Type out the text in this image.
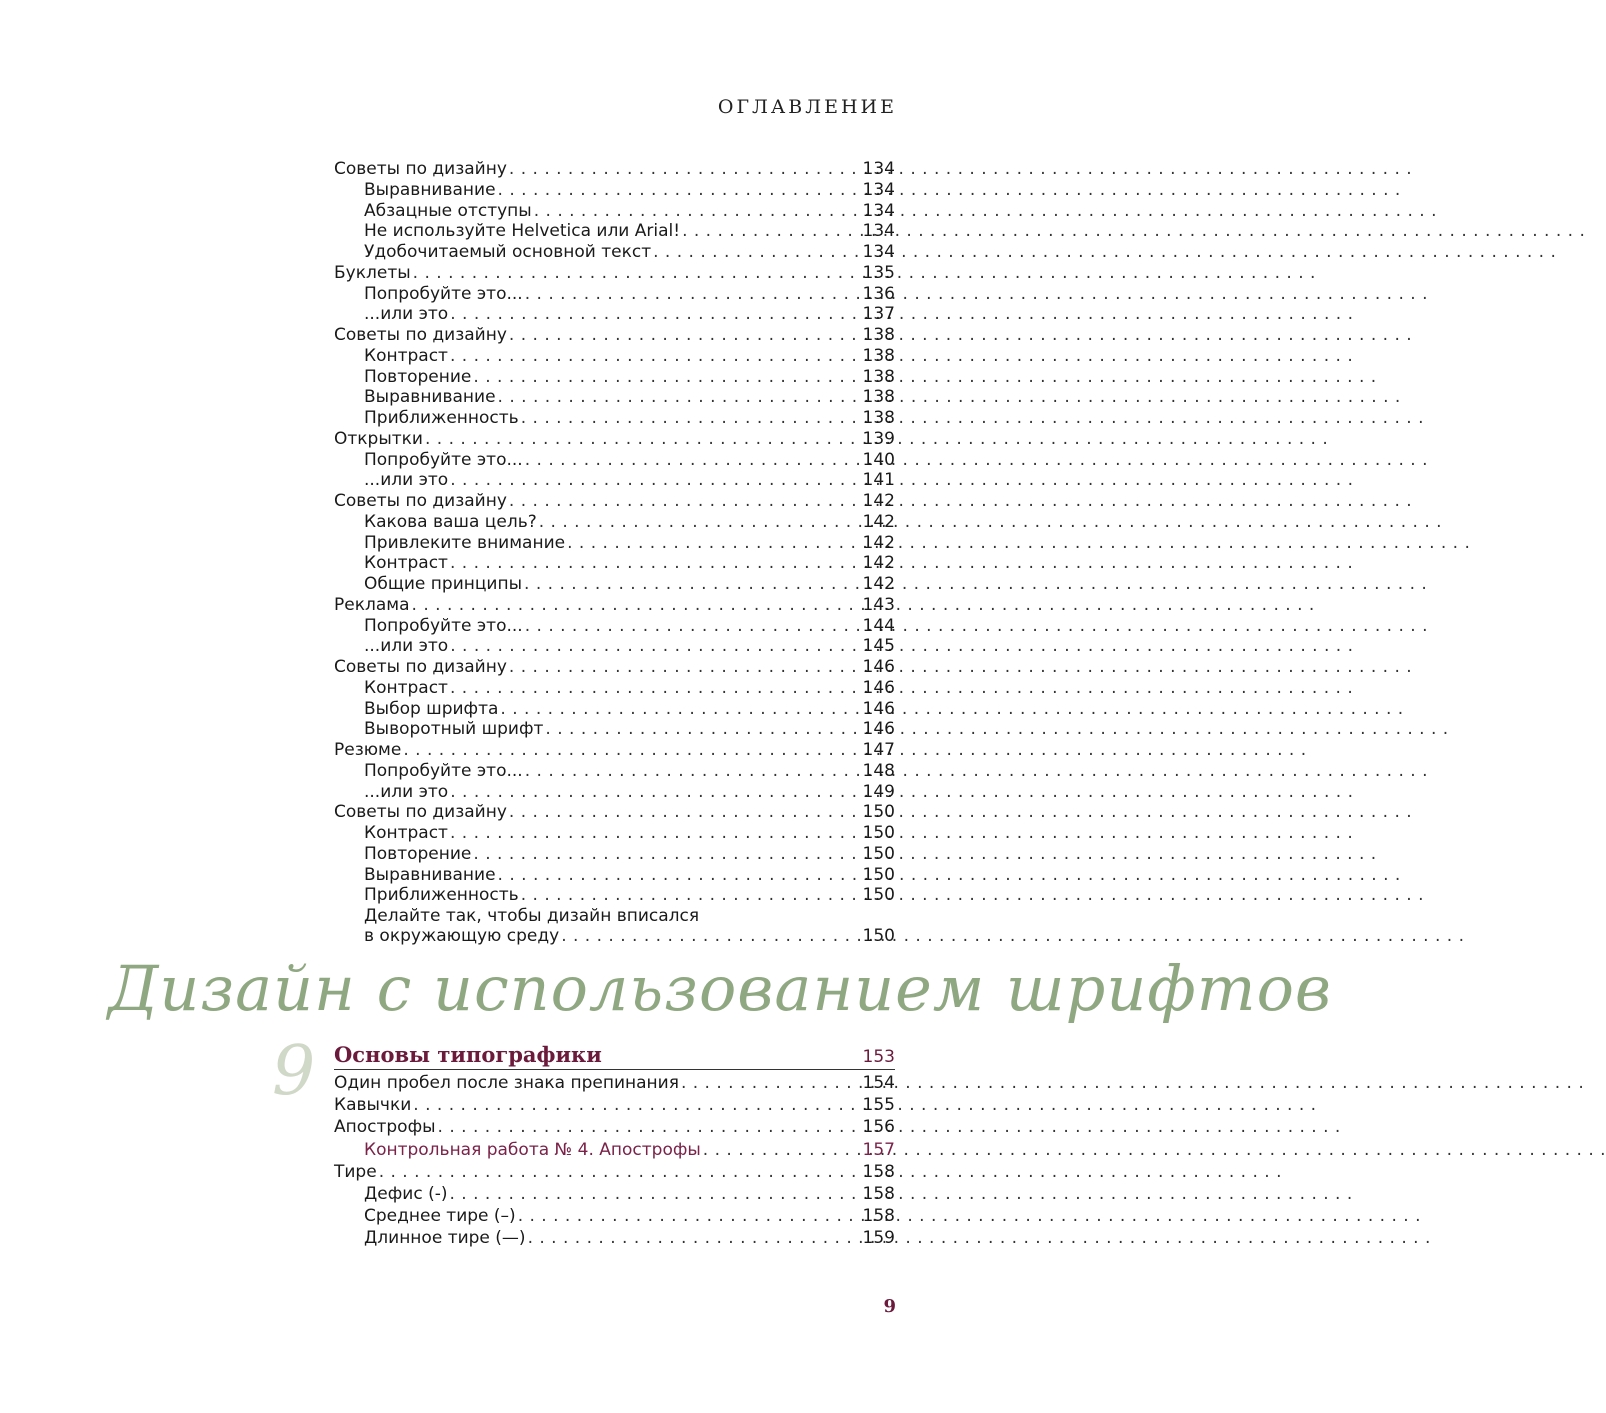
ОГЛАВЛЕНИЕ
Советы по дизайну . . .	134
Выравнивание . . .	134
Абзацные отступы . . .	134
Не используйте Helvetica или Arial! . . .	134
Удобочитаемый основной текст . . .	134
Буклеты . . .	135
Попробуйте это... . . .	136
...или это . . .	137
Советы по дизайну . . .	138
Контраст . . .	138
Повторение . . .	138
Выравнивание . . .	138
Приближенность . . .	138
Открытки . . .	139
Попробуйте это... . . .	140
...или это . . .	141
Советы по дизайну . . .	142
Какова ваша цель? . . .	142
Привлеките внимание . . .	142
Контраст . . .	142
Общие принципы . . .	142
Реклама . . .	143
Попробуйте это... . . .	144
...или это . . .	145
Советы по дизайну . . .	146
Контраст . . .	146
Выбор шрифта . . .	146
Выворотный шрифт . . .	146
Резюме . . .	147
Попробуйте это... . . .	148
...или это . . .	149
Советы по дизайну . . .	150
Контраст . . .	150
Повторение . . .	150
Выравнивание . . .	150
Приближенность . . .	150
Делайте так, чтобы дизайн вписался
в окружающую среду . . .	150
Дизайн с использованием шрифтов
9 Основы типографики	153
Один пробел после знака препинания . . .	154
Кавычки . . .	155
Апострофы . . .	156
Контрольная работа № 4. Апострофы . . .	157
Тире . . .	158
Дефис (-) . . .	158
Среднее тире (–) . . .	158
Длинное тире (—) . . .	159
9
